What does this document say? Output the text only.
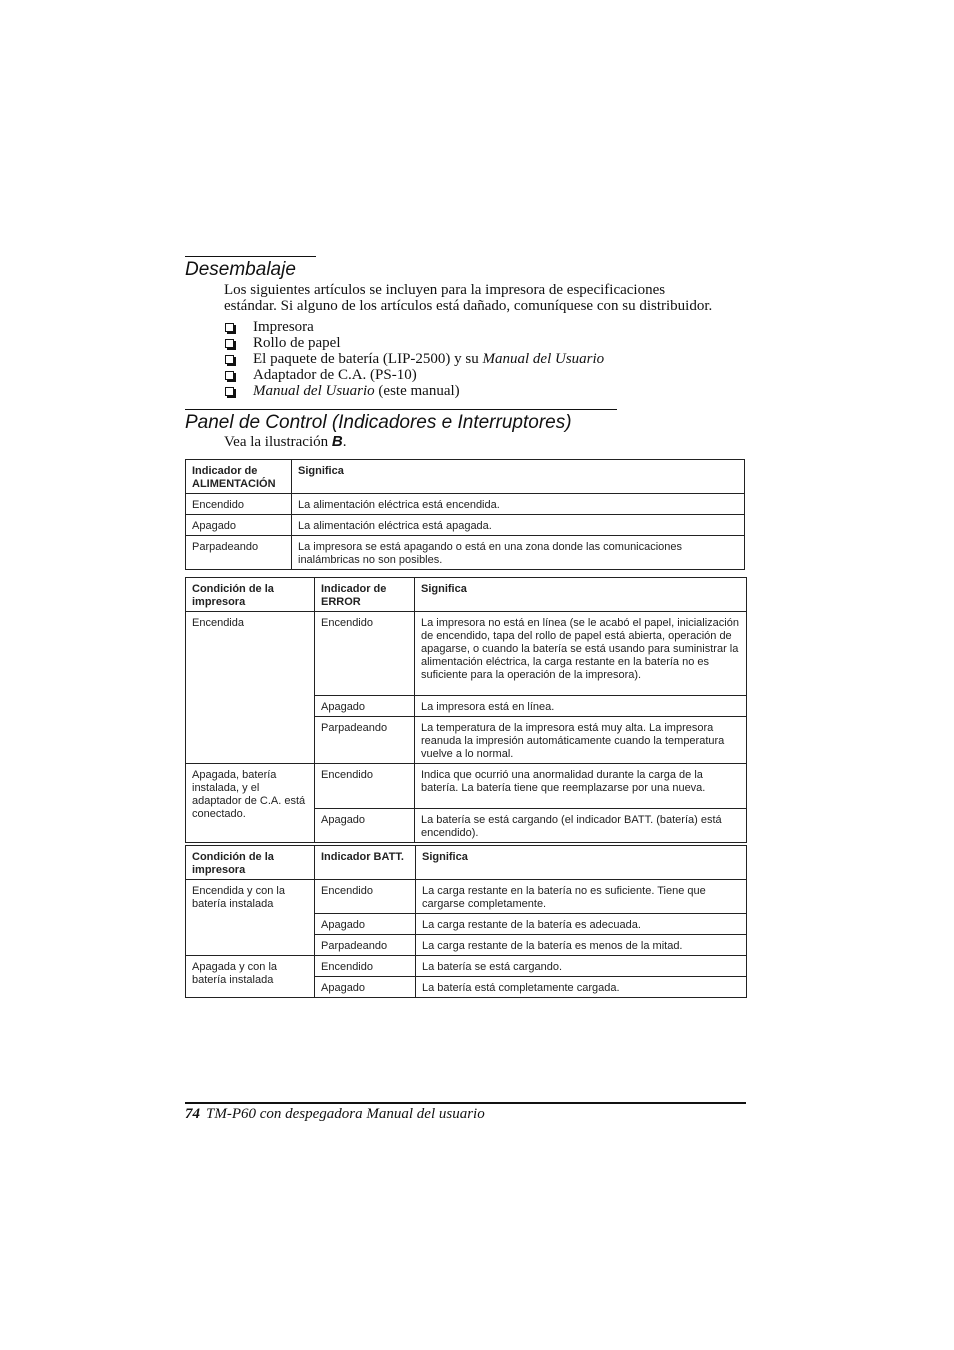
Desembalaje

Los siguientes artículos se incluyen para la impresora de especificaciones
estándar. Si alguno de los artículos está dañado, comuníquese con su distribuidor.

Impresora
Rollo de papel
El paquete de batería (LIP-2500) y su Manual del Usuario
Adaptador de C.A. (PS-10)
Manual del Usuario (este manual)
Panel de Control (Indicadores e Interruptores)

Vea la ilustración B.

Indicador de ALIMENTACIÓN	Significa
Encendido	La alimentación eléctrica está encendida.
Apagado	La alimentación eléctrica está apagada.
Parpadeando	La impresora se está apagando o está en una zona donde las comunicaciones inalámbricas no son posibles.
Condición de la impresora	Indicador de ERROR	Significa
Encendida	Encendido	La impresora no está en línea (se le acabó el papel, inicialización de encendido, tapa del rollo de papel está abierta, operación de apagarse, o cuando la batería se está usando para suministrar la alimentación eléctrica, la carga restante en la batería no es suficiente para la operación de la impresora).
	Apagado	La impresora está en línea.
	Parpadeando	La temperatura de la impresora está muy alta. La impresora reanuda la impresión automáticamente cuando la temperatura vuelve a lo normal.
Apagada, batería instalada, y el adaptador de C.A. está conectado.	Encendido	Indica que ocurrió una anormalidad durante la carga de la batería. La batería tiene que reemplazarse por una nueva.
	Apagado	La batería se está cargando (el indicador BATT. (batería) está encendido).
Condición de la impresora	Indicador BATT.	Significa
Encendida y con la batería instalada	Encendido	La carga restante en la batería no es suficiente. Tiene que cargarse completamente.
	Apagado	La carga restante de la batería es adecuada.
	Parpadeando	La carga restante de la batería es menos de la mitad.
Apagada y con la batería instalada	Encendido	La batería se está cargando.
	Apagado	La batería está completamente cargada.

74 TM-P60 con despegadora Manual del usuario
